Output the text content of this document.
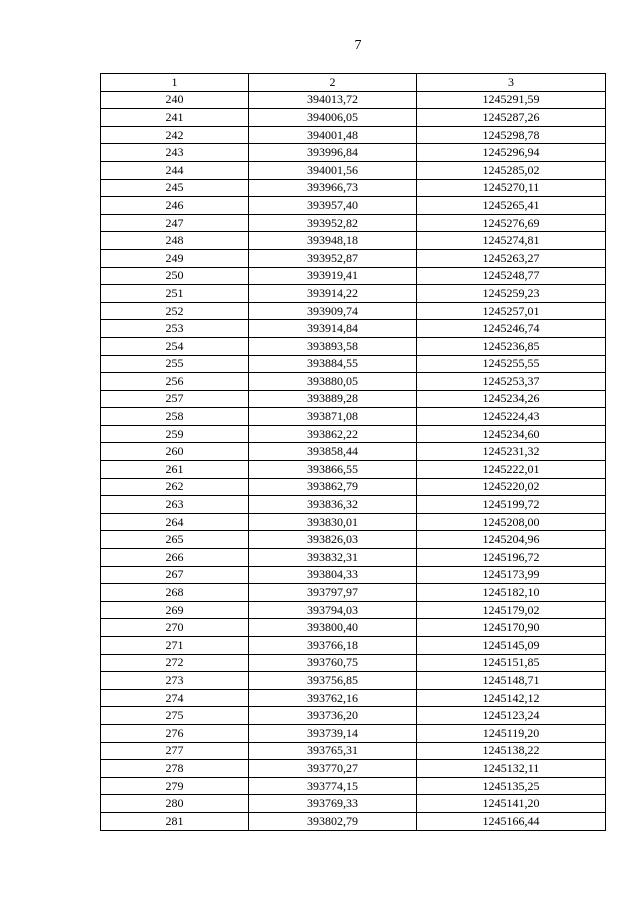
7
1	2	3
240	394013,72	1245291,59
241	394006,05	1245287,26
242	394001,48	1245298,78
243	393996,84	1245296,94
244	394001,56	1245285,02
245	393966,73	1245270,11
246	393957,40	1245265,41
247	393952,82	1245276,69
248	393948,18	1245274,81
249	393952,87	1245263,27
250	393919,41	1245248,77
251	393914,22	1245259,23
252	393909,74	1245257,01
253	393914,84	1245246,74
254	393893,58	1245236,85
255	393884,55	1245255,55
256	393880,05	1245253,37
257	393889,28	1245234,26
258	393871,08	1245224,43
259	393862,22	1245234,60
260	393858,44	1245231,32
261	393866,55	1245222,01
262	393862,79	1245220,02
263	393836,32	1245199,72
264	393830,01	1245208,00
265	393826,03	1245204,96
266	393832,31	1245196,72
267	393804,33	1245173,99
268	393797,97	1245182,10
269	393794,03	1245179,02
270	393800,40	1245170,90
271	393766,18	1245145,09
272	393760,75	1245151,85
273	393756,85	1245148,71
274	393762,16	1245142,12
275	393736,20	1245123,24
276	393739,14	1245119,20
277	393765,31	1245138,22
278	393770,27	1245132,11
279	393774,15	1245135,25
280	393769,33	1245141,20
281	393802,79	1245166,44
